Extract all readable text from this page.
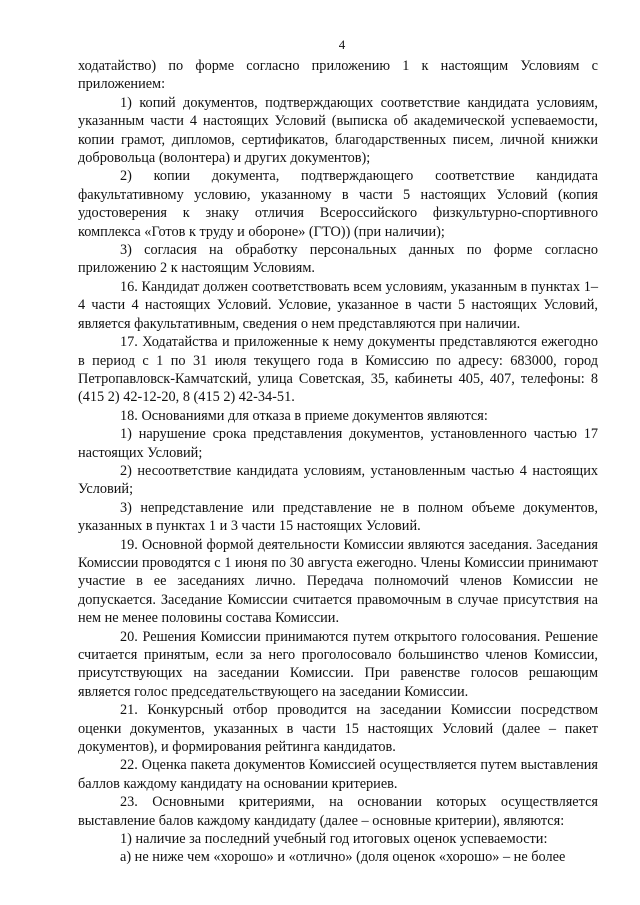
4

ходатайство) по форме согласно приложению 1 к настоящим Условиям с приложением:

1) копий документов, подтверждающих соответствие кандидата условиям, указанным части 4 настоящих Условий (выписка об академической успеваемости, копии грамот, дипломов, сертификатов, благодарственных писем, личной книжки добровольца (волонтера) и других документов);

2) копии документа, подтверждающего соответствие кандидата факультативному условию, указанному в части 5 настоящих Условий (копия удостоверения к знаку отличия Всероссийского физкультурно-спортивного комплекса «Готов к труду и обороне» (ГТО)) (при наличии);

3) согласия на обработку персональных данных по форме согласно приложению 2 к настоящим Условиям.

16. Кандидат должен соответствовать всем условиям, указанным в пунктах 1–4 части 4 настоящих Условий. Условие, указанное в части 5 настоящих Условий, является факультативным, сведения о нем представляются при наличии.

17. Ходатайства и приложенные к нему документы представляются ежегодно в период с 1 по 31 июля текущего года в Комиссию по адресу: 683000, город Петропавловск-Камчатский, улица Советская, 35, кабинеты 405, 407, телефоны: 8 (415 2) 42-12-20, 8 (415 2) 42-34-51.

18. Основаниями для отказа в приеме документов являются:

1) нарушение срока представления документов, установленного частью 17 настоящих Условий;

2) несоответствие кандидата условиям, установленным частью 4 настоящих Условий;

3) непредставление или представление не в полном объеме документов, указанных в пунктах 1 и 3 части 15 настоящих Условий.

19. Основной формой деятельности Комиссии являются заседания. Заседания Комиссии проводятся с 1 июня по 30 августа ежегодно. Члены Комиссии принимают участие в ее заседаниях лично. Передача полномочий членов Комиссии не допускается. Заседание Комиссии считается правомочным в случае присутствия на нем не менее половины состава Комиссии.

20. Решения Комиссии принимаются путем открытого голосования. Решение считается принятым, если за него проголосовало большинство членов Комиссии, присутствующих на заседании Комиссии. При равенстве голосов решающим является голос председательствующего на заседании Комиссии.

21. Конкурсный отбор проводится на заседании Комиссии посредством оценки документов, указанных в части 15 настоящих Условий (далее – пакет документов), и формирования рейтинга кандидатов.

22. Оценка пакета документов Комиссией осуществляется путем выставления баллов каждому кандидату на основании критериев.

23. Основными критериями, на основании которых осуществляется выставление балов каждому кандидату (далее – основные критерии), являются:

1) наличие за последний учебный год итоговых оценок успеваемости:

а) не ниже чем «хорошо» и «отлично» (доля оценок «хорошо» – не более
